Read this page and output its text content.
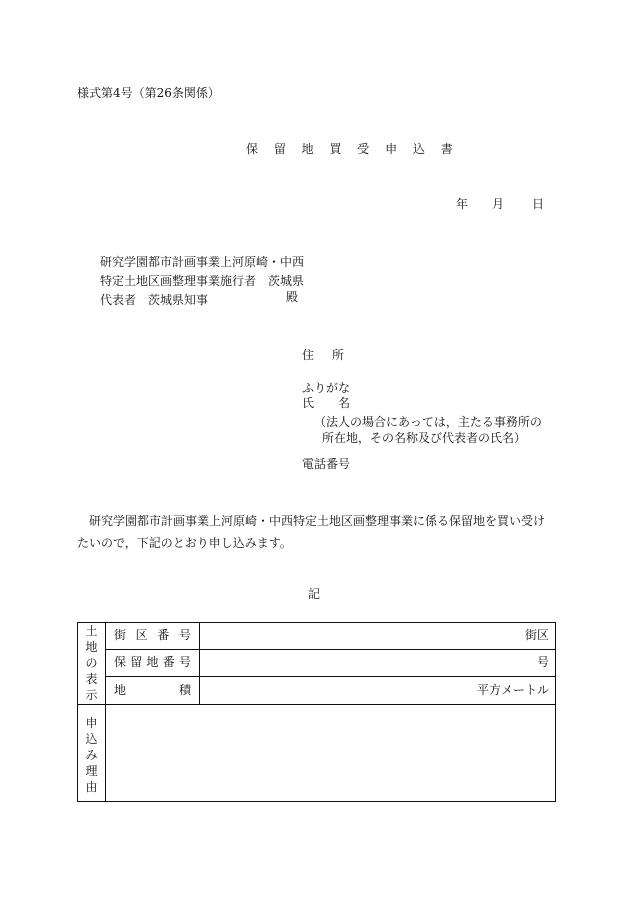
様式第4号（第26条関係）
保 留 地 買 受 申 込 書
年 月 日
研究学園都市計画事業上河原崎・中西
特定土地区画整理事業施行者　茨城県
代表者　茨城県知事	殿
住 所
ふりがな
氏 名
（法人の場合にあっては，主たる事務所の
所在地，その名称及び代表者の氏名）
電話番号
研究学園都市計画事業上河原崎・中西特定土地区画整理事業に係る保留地を買い受けたいので，下記のとおり申し込みます。
記
土
地
の
表
示	街 区 番 号	街区

	保 留 地 番 号	号

	地 積	平方メートル

申
込
み
理
由		
